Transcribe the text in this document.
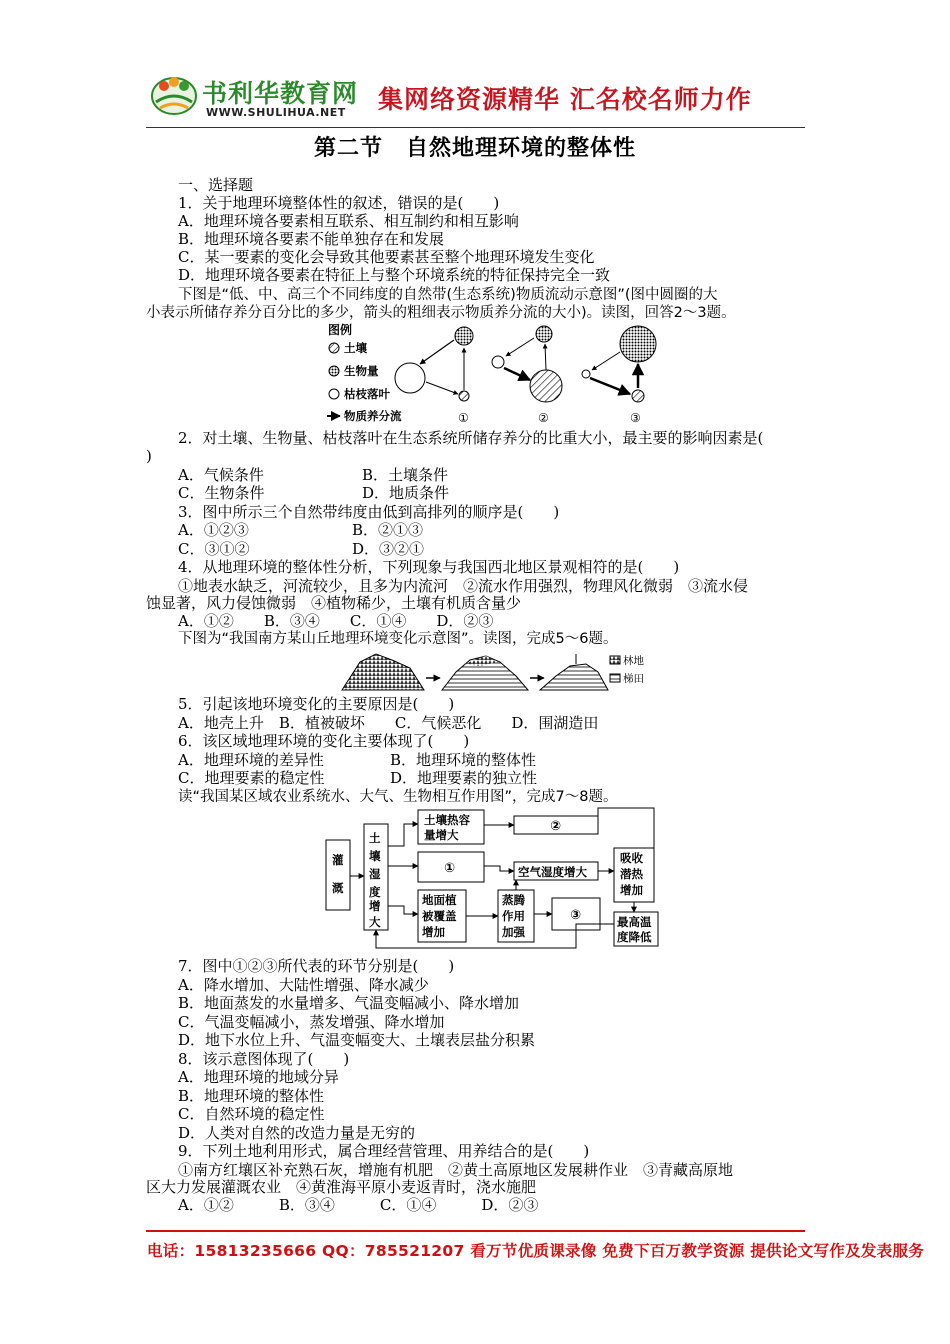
书利华教育网
WWW.SHULIHUA.NET 集网络资源精华 汇名校名师力作
第二节　自然地理环境的整体性
一、选择题
1．关于地理环境整体性的叙述，错误的是(　　)
A．地理环境各要素相互联系、相互制约和相互影响
B．地理环境各要素不能单独存在和发展
C．某一要素的变化会导致其他要素甚至整个地理环境发生变化
D．地理环境各要素在特征上与整个环境系统的特征保持完全一致
下图是“低、中、高三个不同纬度的自然带(生态系统)物质流动示意图”(图中圆圈的大
小表示所储存养分百分比的多少，箭头的粗细表示物质养分流的大小)。读图，回答2～3题。
图例
土壤
生物量
枯枝落叶
物质养分流	①	②	③
2．对土壤、生物量、枯枝落叶在生态系统所储存养分的比重大小，最主要的影响因素是(
)
A．气候条件	B．土壤条件
C．生物条件	D．地质条件
3．图中所示三个自然带纬度由低到高排列的顺序是(　　)
A．①②③	B．②①③
C．③①②	D．③②①
4．从地理环境的整体性分析，下列现象与我国西北地区景观相符的是(　　)
①地表水缺乏，河流较少，且多为内流河　②流水作用强烈，物理风化微弱　③流水侵
蚀显著，风力侵蚀微弱　④植物稀少，土壤有机质含量少
A．①②　　B．③④　　C．①④　　D．②③
下图为“我国南方某山丘地理环境变化示意图”。读图，完成5～6题。
林地
梯田
5．引起该地环境变化的主要原因是(　　)
A．地壳上升　B．植被破坏　　C．气候恶化　　D．围湖造田
6．该区域地理环境的变化主要体现了(　　)
A．地理环境的差异性	B．地理环境的整体性
C．地理要素的稳定性	D．地理要素的独立性
读“我国某区域农业系统水、大气、生物相互作用图”，完成7～8题。
灌
溉
土
壤
湿
度
增
大
土壤热容
量增大
②
①	空气湿度增大
吸收
潜热
增加
地面植
被覆盖
增加
蒸腾
作用
加强
③	最高温
度降低
7．图中①②③所代表的环节分别是(　　)
A．降水增加、大陆性增强、降水减少
B．地面蒸发的水量增多、气温变幅减小、降水增加
C．气温变幅减小，蒸发增强、降水增加
D．地下水位上升、气温变幅变大、土壤表层盐分积累
8．该示意图体现了(　　)
A．地理环境的地域分异
B．地理环境的整体性
C．自然环境的稳定性
D．人类对自然的改造力量是无穷的
9．下列土地利用形式，属合理经营管理、用养结合的是(　　)
①南方红壤区补充熟石灰，增施有机肥　②黄土高原地区发展耕作业　③青藏高原地
区大力发展灌溉农业　④黄淮海平原小麦返青时，浇水施肥
A．①②　　　B．③④　　　C．①④　　　D．②③
电话：15813235666 QQ：785521207 看万节优质课录像 免费下百万教学资源 提供论文写作及发表服务
